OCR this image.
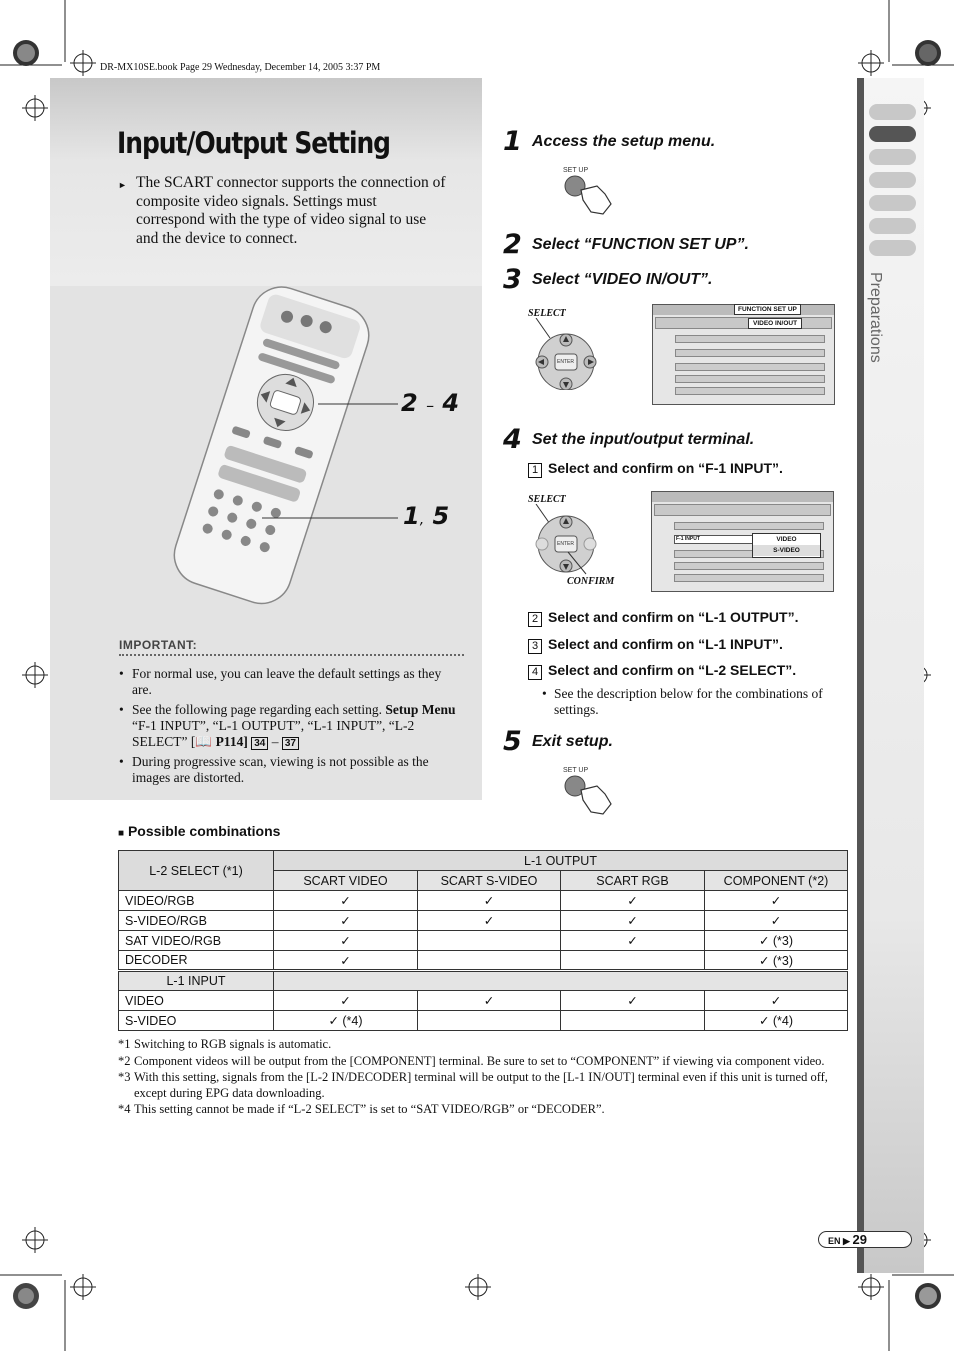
DR-MX10SE.book Page 29 Wednesday, December 14, 2005 3:37 PM
Input/Output Setting
► The SCART connector supports the connection of composite video signals. Settings must correspond with the type of video signal to use and the device to connect.
2 – 4
1, 5
IMPORTANT:
• For normal use, you can leave the default settings as they are.
• See the following page regarding each setting. Setup Menu “F-1 INPUT”, “L-1 OUTPUT”, “L-1 INPUT”, “L-2 SELECT” [📖 P114] 34 – 37
• During progressive scan, viewing is not possible as the images are distorted.
1 Access the setup menu.
SET UP
2 Select “FUNCTION SET UP”.
3 Select “VIDEO IN/OUT”.
SELECT
ENTER
FUNCTION SET UP
VIDEO IN/OUT
4 Set the input/output terminal.
1 Select and confirm on “F-1 INPUT”.
SELECT
ENTER
CONFIRM
F-1 INPUT	VIDEO
S-VIDEO
2 Select and confirm on “L-1 OUTPUT”.
3 Select and confirm on “L-1 INPUT”.
4 Select and confirm on “L-2 SELECT”.
• See the description below for the combinations of settings.
5 Exit setup.
SET UP
Preparations
EN ▶ 29
■ Possible combinations
L-2 SELECT (*1)	L-1 OUTPUT			
	SCART VIDEO	SCART S-VIDEO	SCART RGB	COMPONENT (*2)
VIDEO/RGB	✓	✓	✓	✓
S-VIDEO/RGB	✓	✓	✓	✓
SAT VIDEO/RGB	✓		✓	✓ (*3)
DECODER	✓			✓ (*3)
L-1 INPUT				
VIDEO	✓	✓	✓	✓
S-VIDEO	✓ (*4)			✓ (*4)
*1 Switching to RGB signals is automatic.
*2 Component videos will be output from the [COMPONENT] terminal. Be sure to set to “COMPONENT” if viewing via component video.
*3 With this setting, signals from the [L-2 IN/DECODER] terminal will be output to the [L-1 IN/OUT] terminal even if this unit is turned off, except during EPG data downloading.
*4 This setting cannot be made if “L-2 SELECT” is set to “SAT VIDEO/RGB” or “DECODER”.
